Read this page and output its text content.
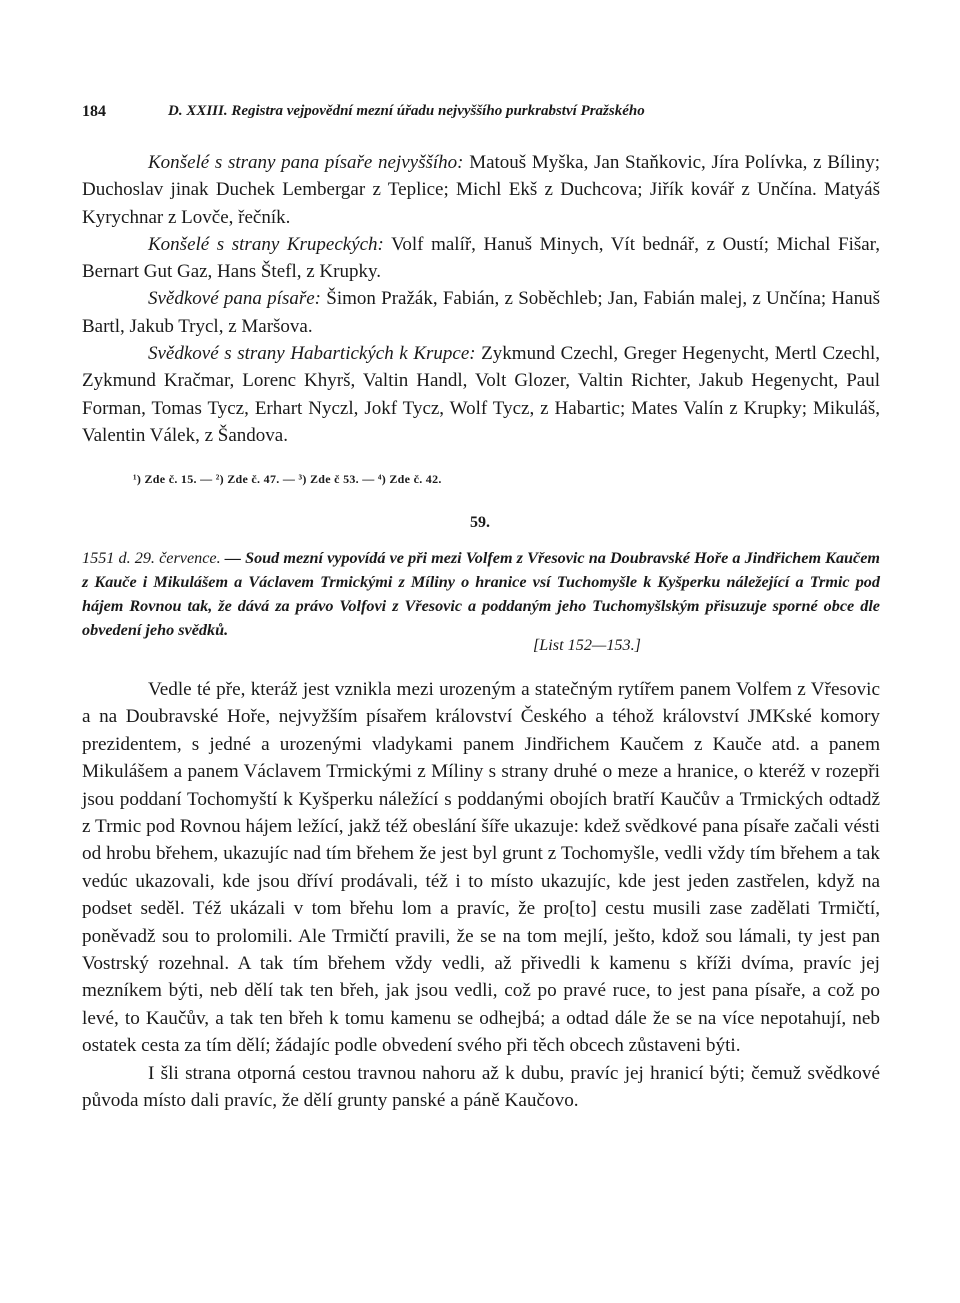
184	D. XXIII. Registra vejpovědní mezní úřadu nejvyššího purkrabství Pražského

Konšelé s strany pana písaře nejvyššího: Matouš Myška, Jan Staňkovic, Jíra Polívka, z Bíliny; Duchoslav jinak Duchek Lembergar z Teplice; Michl Ekš z Duchcova; Jiřík kovář z Unčína. Matyáš Kyrychnar z Lovče, řečník.

Konšelé s strany Krupeckých: Volf malíř, Hanuš Minych, Vít bednář, z Oustí; Michal Fišar, Bernart Gut Gaz, Hans Štefl, z Krupky.

Svědkové pana písaře: Šimon Pražák, Fabián, z Soběchleb; Jan, Fabián malej, z Unčína; Hanuš Bartl, Jakub Trycl, z Maršova.

Svědkové s strany Habartických k Krupce: Zykmund Czechl, Greger Hegenycht, Mertl Czechl, Zykmund Kračmar, Lorenc Khyrš, Valtin Handl, Volt Glozer, Valtin Richter, Jakub Hegenycht, Paul Forman, Tomas Tycz, Erhart Nyczl, Jokf Tycz, Wolf Tycz, z Habartic; Mates Valín z Krupky; Mikuláš, Valentin Válek, z Šandova.

¹) Zde č. 15. — ²) Zde č. 47. — ³) Zde č 53. — ⁴) Zde č. 42.
59.
1551 d. 29. července. — Soud mezní vypovídá ve při mezi Volfem z Vřesovic na Doubravské Hoře a Jindřichem Kaučem z Kauče i Mikulášem a Václavem Trmickými z Míliny o hranice vsí Tuchomyšle k Kyšperku náležející a Trmic pod hájem Rovnou tak, že dává za právo Volfovi z Vřesovic a poddaným jeho Tuchomyšlským přisuzuje sporné obce dle obvedení jeho svědků.
[List 152—153.]

Vedle té pře, kteráž jest vznikla mezi urozeným a statečným rytířem panem Volfem z Vřesovic a na Doubravské Hoře, nejvyžším písařem království Českého a téhož království JMKské komory prezidentem, s jedné a urozenými vladykami panem Jindřichem Kaučem z Kauče atd. a panem Mikulášem a panem Václavem Trmickými z Míliny s strany druhé o meze a hranice, o kteréž v rozepři jsou poddaní Tochomyští k Kyšperku náležící s poddanými obojích bratří Kaučův a Trmických odtadž z Trmic pod Rovnou hájem ležící, jakž též obeslání šíře ukazuje: kdež svědkové pana písaře začali vésti od hrobu břehem, ukazujíc nad tím břehem že jest byl grunt z Tochomyšle, vedli vždy tím břehem a tak vedúc ukazovali, kde jsou dříví prodávali, též i to místo ukazujíc, kde jest jeden zastřelen, když na podset seděl. Též ukázali v tom břehu lom a pravíc, že pro[to] cestu musili zase zadělati Trmičtí, poněvadž sou to prolomili. Ale Trmičtí pravili, že se na tom mejlí, ješto, kdož sou lámali, ty jest pan Vostrský rozehnal. A tak tím břehem vždy vedli, až přivedli k kamenu s kříži dvíma, pravíc jej mezníkem býti, neb dělí tak ten břeh, jak jsou vedli, což po pravé ruce, to jest pana písaře, a což po levé, to Kaučův, a tak ten břeh k tomu kamenu se odhejbá; a odtad dále že se na více nepotahují, neb ostatek cesta za tím dělí; žádajíc podle obvedení svého při těch obcech zůstaveni býti.

I šli strana otporná cestou travnou nahoru až k dubu, pravíc jej hranicí býti; čemuž svědkové původa místo dali pravíc, že dělí grunty panské a páně Kaučovo.
